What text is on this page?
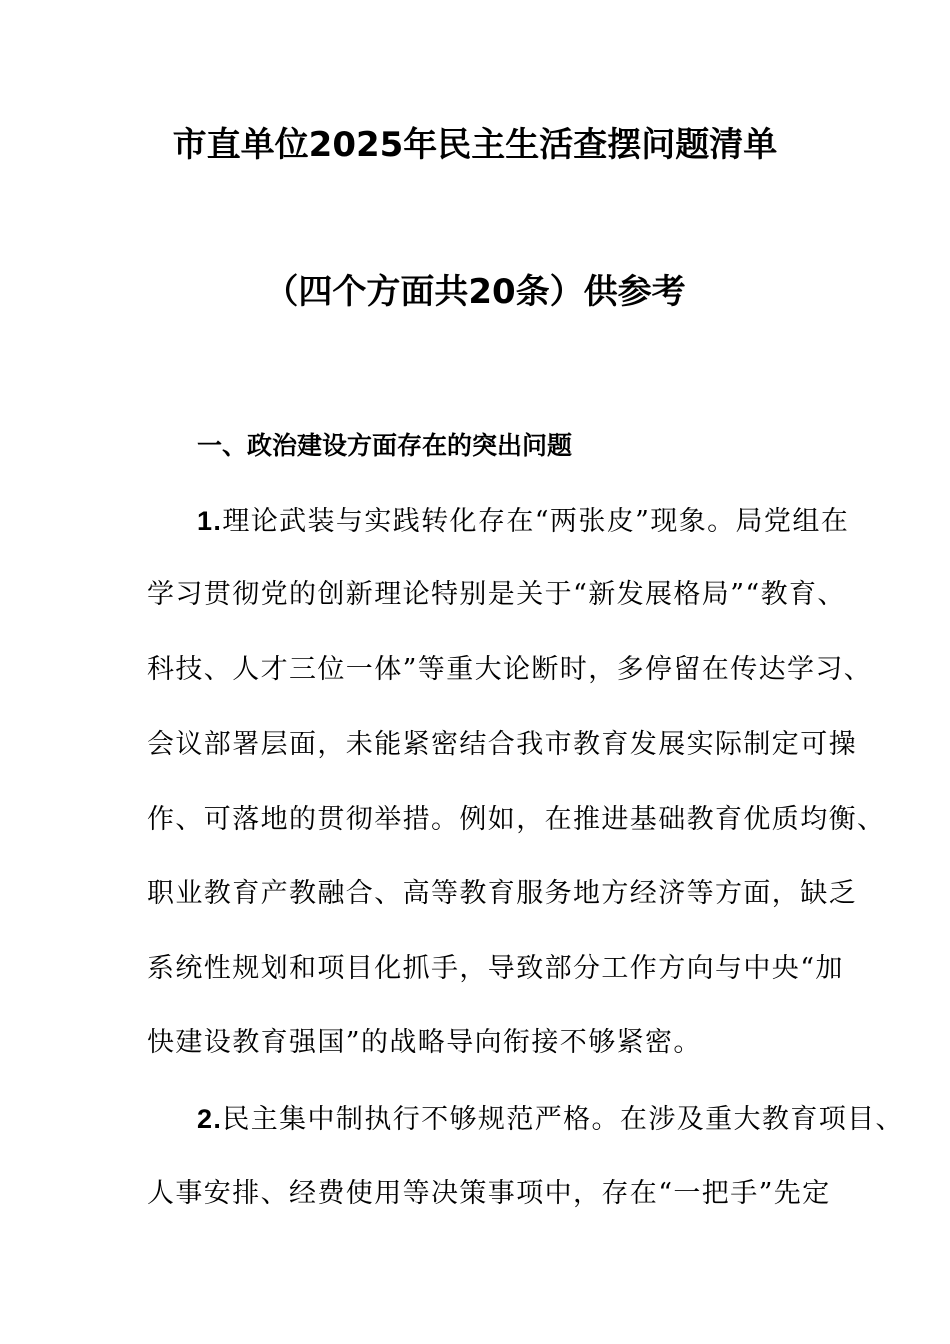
市直单位2025年民主生活查摆问题清单
（四个方面共20条）供参考
一、政治建设方面存在的突出问题
1.理论武装与实践转化存在“两张皮”现象。局党组在
学习贯彻党的创新理论特别是关于“新发展格局”“教育、
科技、人才三位一体”等重大论断时，多停留在传达学习、
会议部署层面，未能紧密结合我市教育发展实际制定可操
作、可落地的贯彻举措。例如，在推进基础教育优质均衡、
职业教育产教融合、高等教育服务地方经济等方面，缺乏
系统性规划和项目化抓手，导致部分工作方向与中央“加
快建设教育强国”的战略导向衔接不够紧密。
2.民主集中制执行不够规范严格。在涉及重大教育项目、
人事安排、经费使用等决策事项中，存在“一把手”先定
